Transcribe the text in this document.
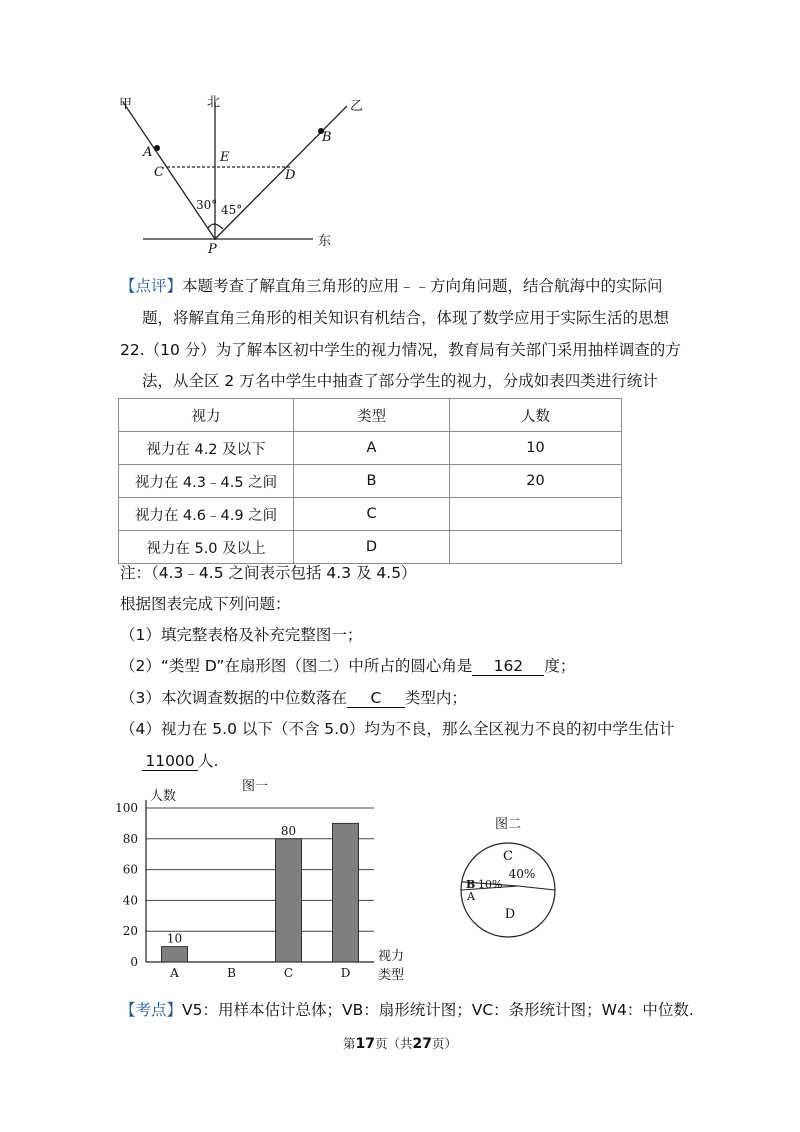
甲	北	乙
东
A
B
C	D
E
P
30° 45°
【点评】本题考查了解直角三角形的应用﹣﹣方向角问题，结合航海中的实际问
题，将解直角三角形的相关知识有机结合，体现了数学应用于实际生活的思想
22.（10 分）为了解本区初中学生的视力情况，教育局有关部门采用抽样调查的方
法，从全区 2 万名中学生中抽查了部分学生的视力，分成如表四类进行统计
视力	类型	人数
视力在 4.2 及以下	A	10
视力在 4.3﹣4.5 之间	B	20
视力在 4.6﹣4.9 之间	C	
视力在 5.0 及以上	D	
注：（4.3﹣4.5 之间表示包括 4.3 及 4.5）
根据图表完成下列问题：
（1）填完整表格及补充完整图一；
（2）“类型 D”在扇形图（图二）中所占的圆心角是 162 度；
（3）本次调查数据的中位数落在 C 类型内；
（4）视力在 5.0 以下（不含 5.0）均为不良，那么全区视力不良的初中学生估计
11000 人.
0
20
40
60
80
100
人数
图一
视力
类型
A
10
B	C
80
D
图二
C
40%
B 10%
A
D
【考点】V5：用样本估计总体；VB：扇形统计图；VC：条形统计图；W4：中位数.
第17页（共27页）
